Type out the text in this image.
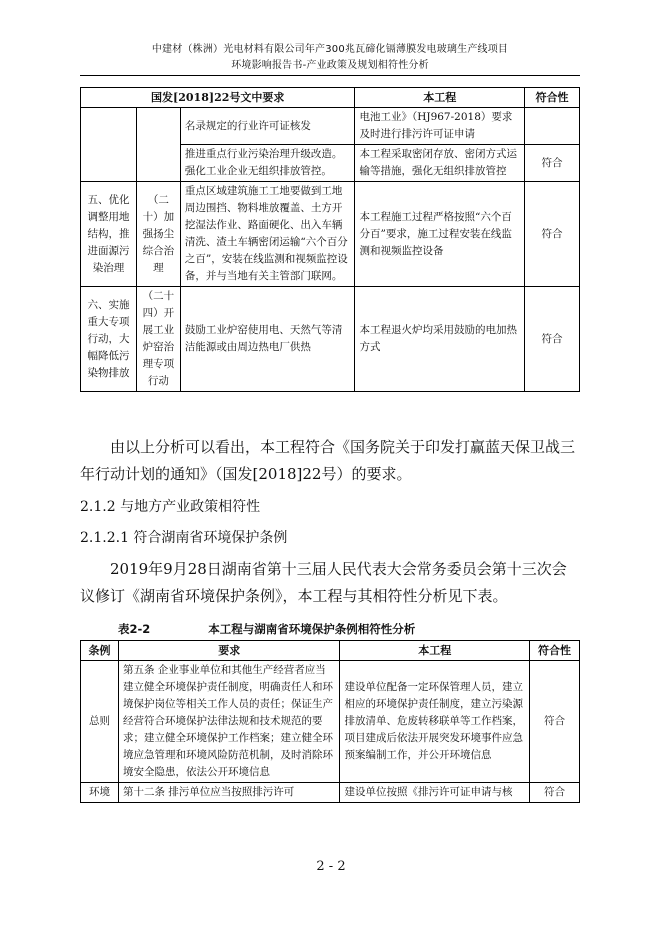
中建材（株洲）光电材料有限公司年产300兆瓦碲化镉薄膜发电玻璃生产线项目
环境影响报告书-产业政策及规划相符性分析
国发[2018]22号文中要求			本工程	符合性
		名录规定的行业许可证核发	电池工业》（HJ967-2018）要求及时进行排污许可证申请	
		推进重点行业污染治理升级改造。强化工业企业无组织排放管控。	本工程采取密闭存放、密闭方式运输等措施，强化无组织排放管控	符合
五、优化调整用地结构，推进面源污染治理	（二十）加强扬尘综合治理	重点区域建筑施工工地要做到工地周边围挡、物料堆放覆盖、土方开挖湿法作业、路面硬化、出入车辆清洗、渣土车辆密闭运输“六个百分之百”，安装在线监测和视频监控设备，并与当地有关主管部门联网。	本工程施工过程严格按照“六个百分百”要求，施工过程安装在线监测和视频监控设备	符合
六、实施重大专项行动，大幅降低污染物排放	（二十四）开展工业炉窑治理专项行动	鼓励工业炉窑使用电、天然气等清洁能源或由周边热电厂供热	本工程退火炉均采用鼓励的电加热方式	符合
由以上分析可以看出，本工程符合《国务院关于印发打赢蓝天保卫战三年行动计划的通知》（国发[2018]22号）的要求。
2.1.2 与地方产业政策相符性
2.1.2.1 符合湖南省环境保护条例
2019年9月28日湖南省第十三届人民代表大会常务委员会第十三次会议修订《湖南省环境保护条例》，本工程与其相符性分析见下表。
表2-2	本工程与湖南省环境保护条例相符性分析
条例	要求	本工程	符合性
总则	第五条 企业事业单位和其他生产经营者应当建立健全环境保护责任制度，明确责任人和环境保护岗位等相关工作人员的责任；保证生产经营符合环境保护法律法规和技术规范的要求；建立健全环境保护工作档案；建立健全环境应急管理和环境风险防范机制，及时消除环境安全隐患，依法公开环境信息	建设单位配备一定环保管理人员，建立相应的环境保护责任制度，建立污染源排放清单、危废转移联单等工作档案，项目建成后依法开展突发环境事件应急预案编制工作，并公开环境信息	符合
环境	第十二条 排污单位应当按照排污许可	建设单位按照《排污许可证申请与核	符合
2 - 2
